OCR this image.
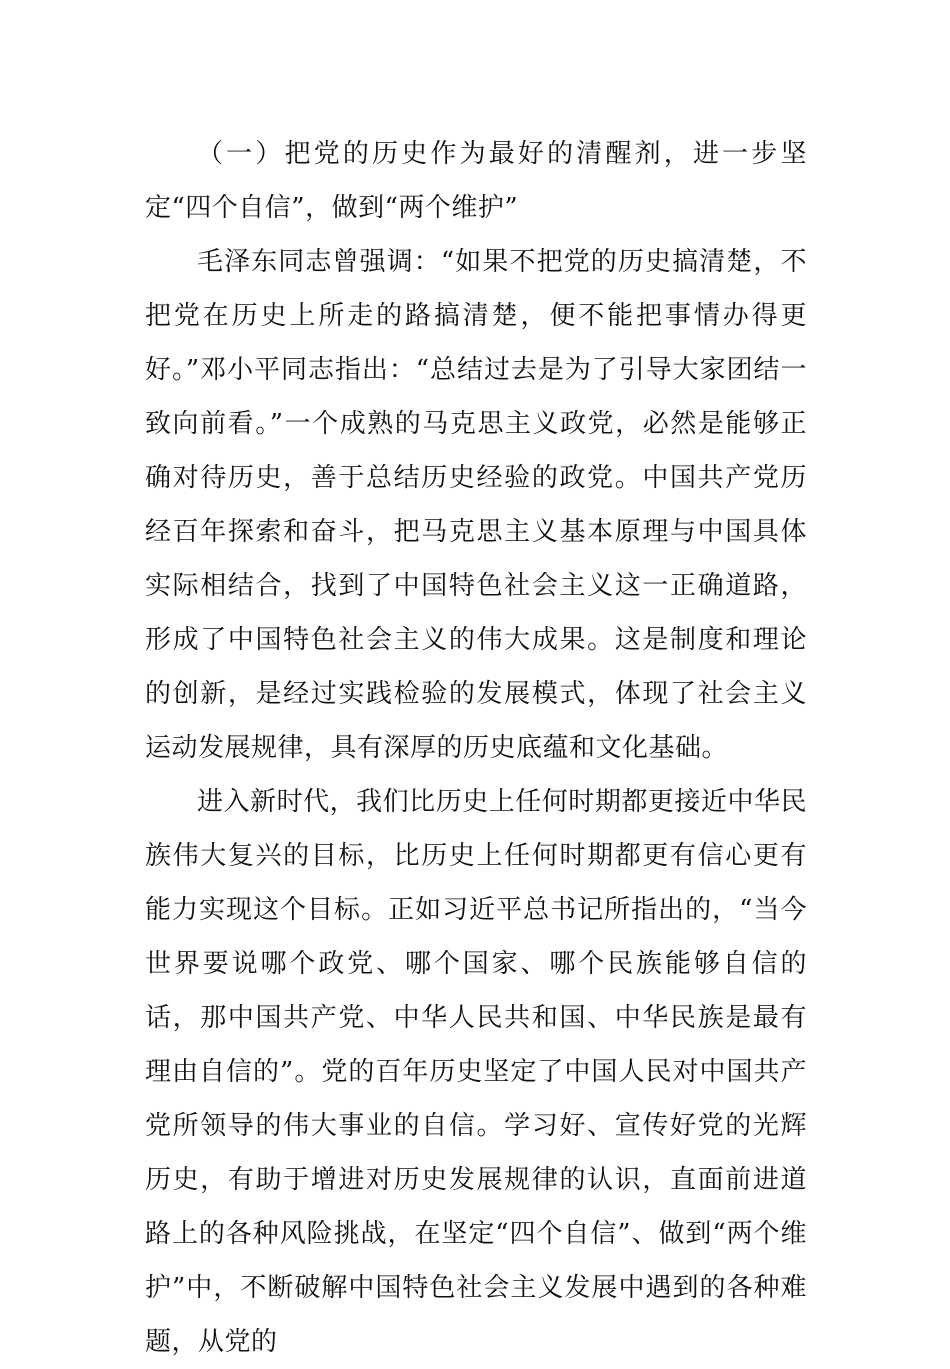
（一）把党的历史作为最好的清醒剂，进一步坚定“四个自信”，做到“两个维护”

毛泽东同志曾强调：“如果不把党的历史搞清楚，不把党在历史上所走的路搞清楚，便不能把事情办得更好。”邓小平同志指出：“总结过去是为了引导大家团结一致向前看。”一个成熟的马克思主义政党，必然是能够正确对待历史，善于总结历史经验的政党。中国共产党历经百年探索和奋斗，把马克思主义基本原理与中国具体实际相结合，找到了中国特色社会主义这一正确道路，形成了中国特色社会主义的伟大成果。这是制度和理论的创新，是经过实践检验的发展模式，体现了社会主义运动发展规律，具有深厚的历史底蕴和文化基础。

进入新时代，我们比历史上任何时期都更接近中华民族伟大复兴的目标，比历史上任何时期都更有信心更有能力实现这个目标。正如习近平总书记所指出的，“当今世界要说哪个政党、哪个国家、哪个民族能够自信的话，那中国共产党、中华人民共和国、中华民族是最有理由自信的”。党的百年历史坚定了中国人民对中国共产党所领导的伟大事业的自信。学习好、宣传好党的光辉历史，有助于增进对历史发展规律的认识，直面前进道路上的各种风险挑战，在坚定“四个自信”、做到“两个维护”中，不断破解中国特色社会主义发展中遇到的各种难题，从党的
